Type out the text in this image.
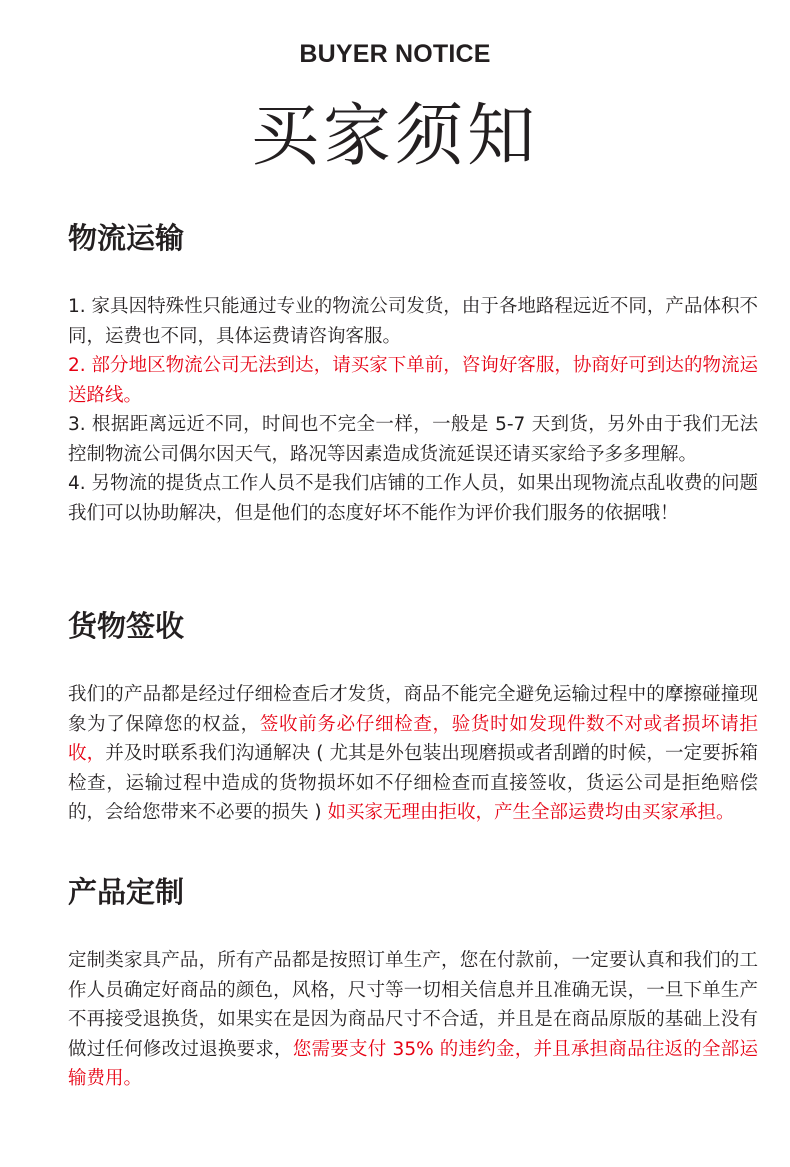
BUYER NOTICE
买家须知
物流运输

1. 家具因特殊性只能通过专业的物流公司发货，由于各地路程远近不同，产品体积不同，运费也不同，具体运费请咨询客服。

2. 部分地区物流公司无法到达，请买家下单前，咨询好客服，协商好可到达的物流运送路线。

3. 根据距离远近不同，时间也不完全一样，一般是 5-7 天到货，另外由于我们无法控制物流公司偶尔因天气，路况等因素造成货流延误还请买家给予多多理解。

4. 另物流的提货点工作人员不是我们店铺的工作人员，如果出现物流点乱收费的问题我们可以协助解决，但是他们的态度好坏不能作为评价我们服务的依据哦！

货物签收

我们的产品都是经过仔细检查后才发货，商品不能完全避免运输过程中的摩擦碰撞现象为了保障您的权益，签收前务必仔细检查，验货时如发现件数不对或者损坏请拒收，并及时联系我们沟通解决 ( 尤其是外包装出现磨损或者刮蹭的时候，一定要拆箱检查，运输过程中造成的货物损坏如不仔细检查而直接签收，货运公司是拒绝赔偿的，会给您带来不必要的损失 ) 如买家无理由拒收，产生全部运费均由买家承担。

产品定制

定制类家具产品，所有产品都是按照订单生产，您在付款前，一定要认真和我们的工作人员确定好商品的颜色，风格，尺寸等一切相关信息并且准确无误，一旦下单生产不再接受退换货，如果实在是因为商品尺寸不合适，并且是在商品原版的基础上没有做过任何修改过退换要求，您需要支付 35% 的违约金，并且承担商品往返的全部运输费用。
